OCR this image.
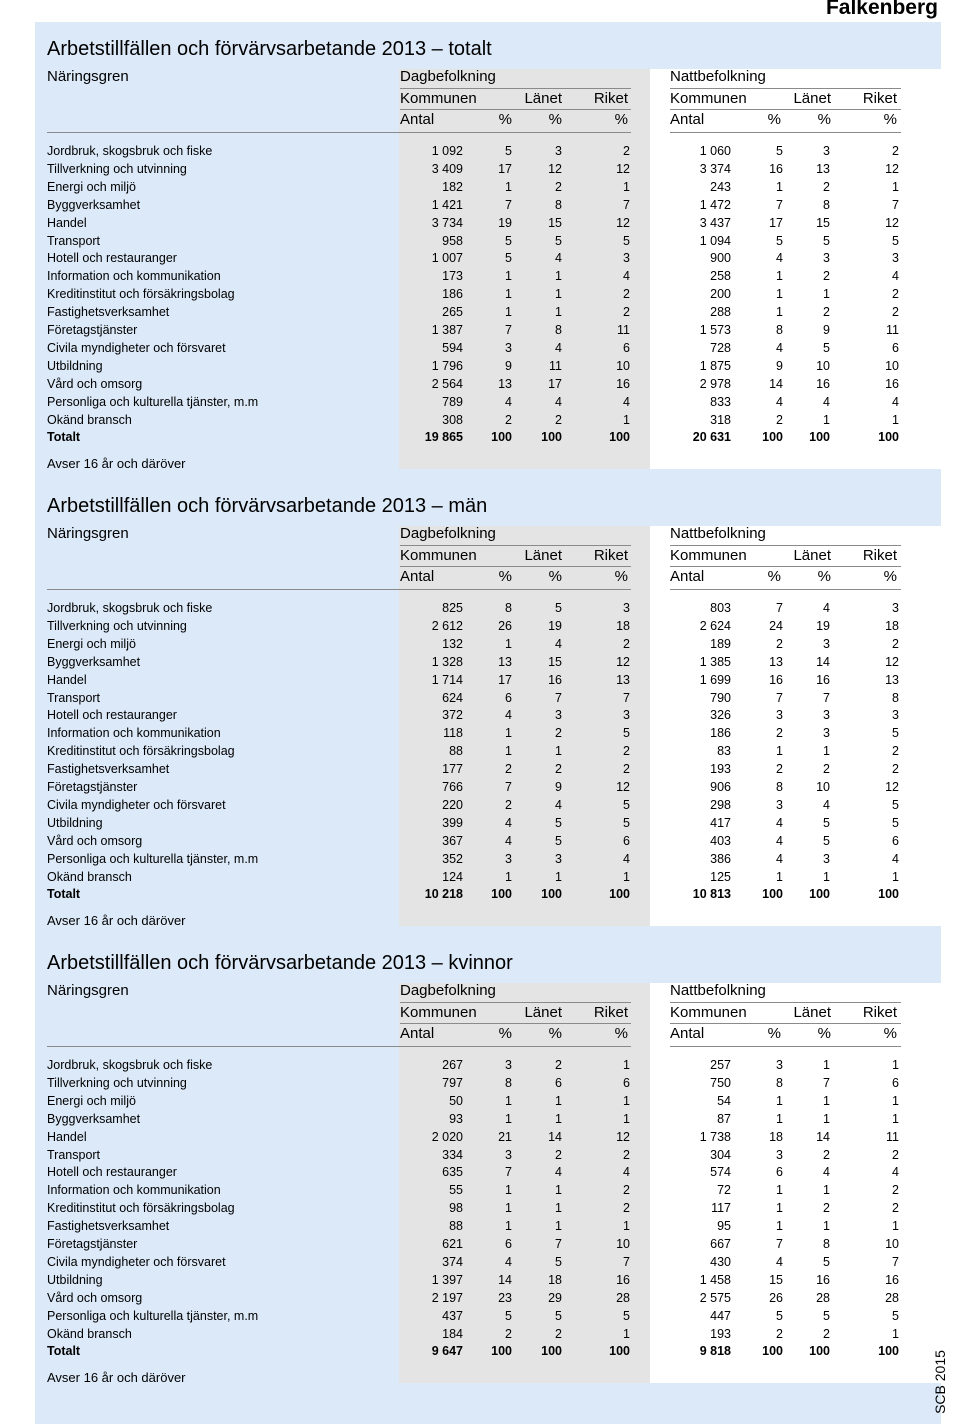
Falkenberg
Arbetstillfällen och förvärvsarbetande 2013 – totalt
Näringsgren	Dagbefolkning	Nattbefolkning
Kommunen	Länet	Riket	Kommunen	Länet	Riket
Antal	%	%	%	Antal	%	%	%
Jordbruk, skogsbruk och fiske	1 092	5	3	2	1 060	5	3	2
Tillverkning och utvinning	3 409	17	12	12	3 374	16	13	12
Energi och miljö	182	1	2	1	243	1	2	1
Byggverksamhet	1 421	7	8	7	1 472	7	8	7
Handel	3 734	19	15	12	3 437	17	15	12
Transport	958	5	5	5	1 094	5	5	5
Hotell och restauranger	1 007	5	4	3	900	4	3	3
Information och kommunikation	173	1	1	4	258	1	2	4
Kreditinstitut och försäkringsbolag	186	1	1	2	200	1	1	2
Fastighetsverksamhet	265	1	1	2	288	1	2	2
Företagstjänster	1 387	7	8	11	1 573	8	9	11
Civila myndigheter och försvaret	594	3	4	6	728	4	5	6
Utbildning	1 796	9	11	10	1 875	9	10	10
Vård och omsorg	2 564	13	17	16	2 978	14	16	16
Personliga och kulturella tjänster, m.m	789	4	4	4	833	4	4	4
Okänd bransch	308	2	2	1	318	2	1	1
Totalt	19 865	100	100	100	20 631	100	100	100
Avser 16 år och däröver
Arbetstillfällen och förvärvsarbetande 2013 – män
Näringsgren	Dagbefolkning	Nattbefolkning
Kommunen	Länet	Riket	Kommunen	Länet	Riket
Antal	%	%	%	Antal	%	%	%
Jordbruk, skogsbruk och fiske	825	8	5	3	803	7	4	3
Tillverkning och utvinning	2 612	26	19	18	2 624	24	19	18
Energi och miljö	132	1	4	2	189	2	3	2
Byggverksamhet	1 328	13	15	12	1 385	13	14	12
Handel	1 714	17	16	13	1 699	16	16	13
Transport	624	6	7	7	790	7	7	8
Hotell och restauranger	372	4	3	3	326	3	3	3
Information och kommunikation	118	1	2	5	186	2	3	5
Kreditinstitut och försäkringsbolag	88	1	1	2	83	1	1	2
Fastighetsverksamhet	177	2	2	2	193	2	2	2
Företagstjänster	766	7	9	12	906	8	10	12
Civila myndigheter och försvaret	220	2	4	5	298	3	4	5
Utbildning	399	4	5	5	417	4	5	5
Vård och omsorg	367	4	5	6	403	4	5	6
Personliga och kulturella tjänster, m.m	352	3	3	4	386	4	3	4
Okänd bransch	124	1	1	1	125	1	1	1
Totalt	10 218	100	100	100	10 813	100	100	100
Avser 16 år och däröver
Arbetstillfällen och förvärvsarbetande 2013 – kvinnor
Näringsgren	Dagbefolkning	Nattbefolkning
Kommunen	Länet	Riket	Kommunen	Länet	Riket
Antal	%	%	%	Antal	%	%	%
Jordbruk, skogsbruk och fiske	267	3	2	1	257	3	1	1
Tillverkning och utvinning	797	8	6	6	750	8	7	6
Energi och miljö	50	1	1	1	54	1	1	1
Byggverksamhet	93	1	1	1	87	1	1	1
Handel	2 020	21	14	12	1 738	18	14	11
Transport	334	3	2	2	304	3	2	2
Hotell och restauranger	635	7	4	4	574	6	4	4
Information och kommunikation	55	1	1	2	72	1	1	2
Kreditinstitut och försäkringsbolag	98	1	1	2	117	1	2	2
Fastighetsverksamhet	88	1	1	1	95	1	1	1
Företagstjänster	621	6	7	10	667	7	8	10
Civila myndigheter och försvaret	374	4	5	7	430	4	5	7
Utbildning	1 397	14	18	16	1 458	15	16	16
Vård och omsorg	2 197	23	29	28	2 575	26	28	28
Personliga och kulturella tjänster, m.m	437	5	5	5	447	5	5	5
Okänd bransch	184	2	2	1	193	2	2	1
Totalt	9 647	100	100	100	9 818	100	100	100
Avser 16 år och däröver	SCB 2015
